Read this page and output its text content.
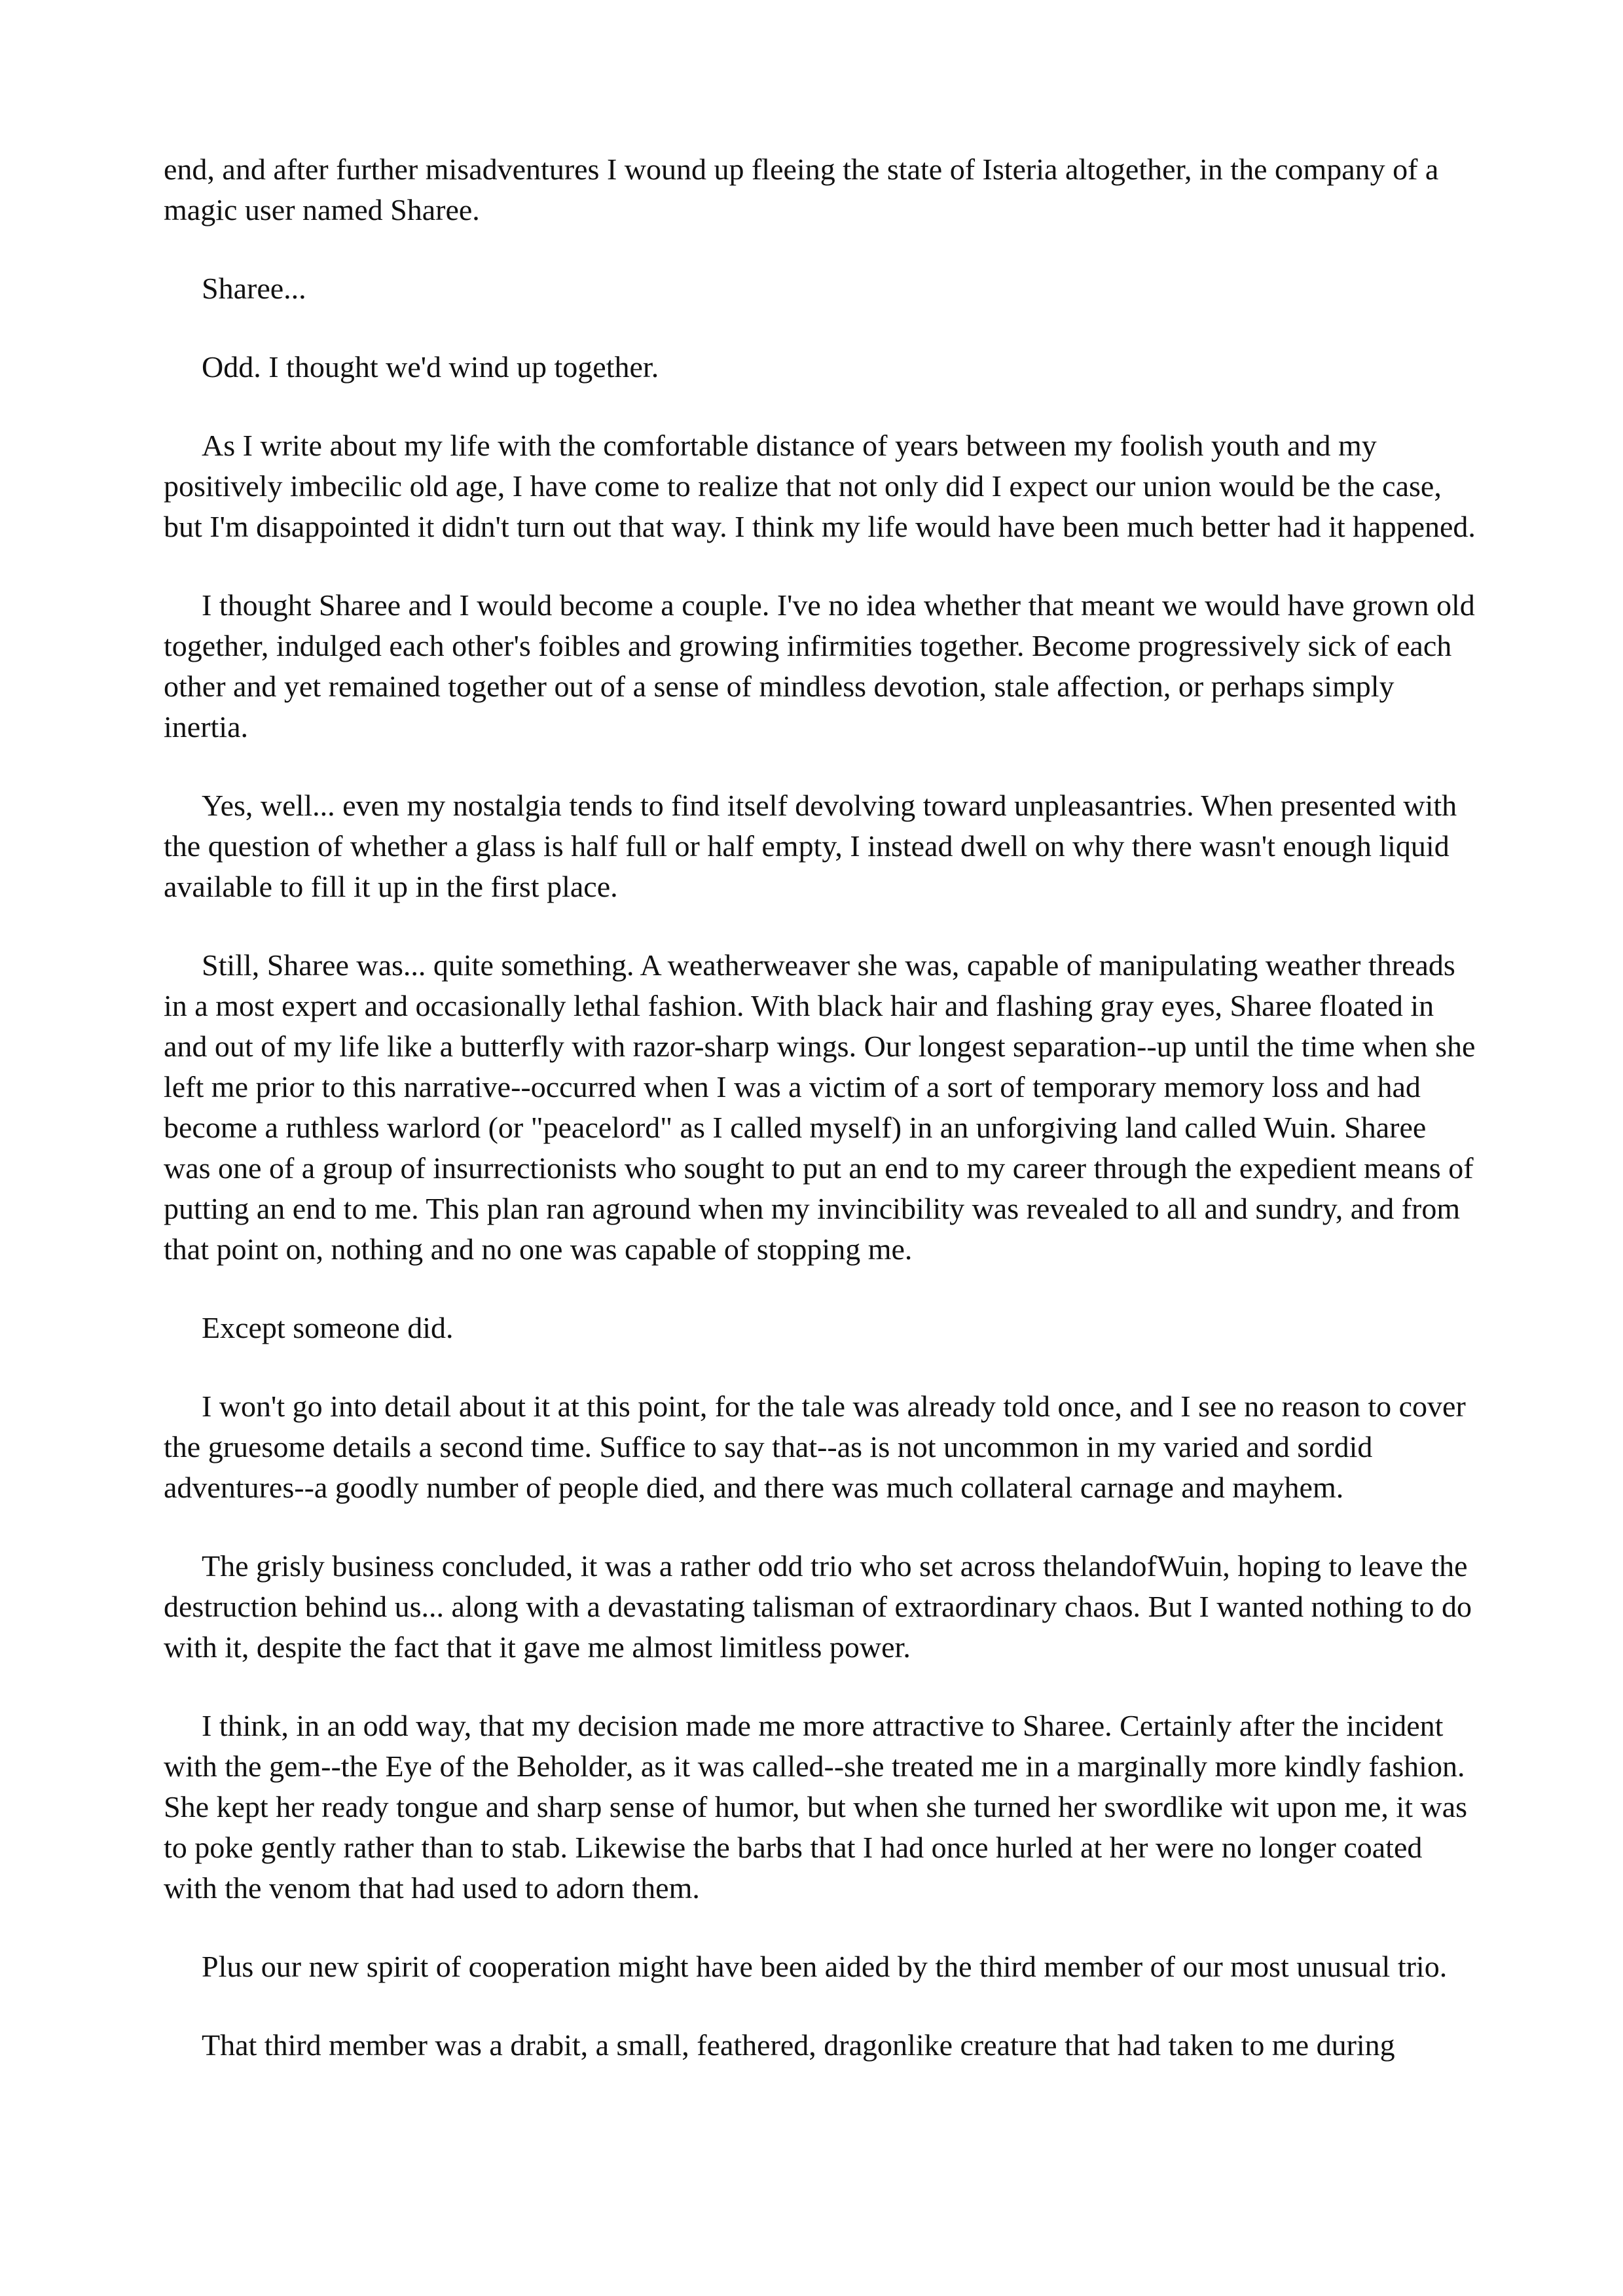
end, and after further misadventures I wound up fleeing the state of Isteria altogether, in the company of a magic user named Sharee.

Sharee...

Odd. I thought we'd wind up together.

As I write about my life with the comfortable distance of years between my foolish youth and my positively imbecilic old age, I have come to realize that not only did I expect our union would be the case, but I'm disappointed it didn't turn out that way. I think my life would have been much better had it happened.

I thought Sharee and I would become a couple. I've no idea whether that meant we would have grown old together, indulged each other's foibles and growing infirmities together. Become progressively sick of each other and yet remained together out of a sense of mindless devotion, stale affection, or perhaps simply inertia.

Yes, well... even my nostalgia tends to find itself devolving toward unpleasantries. When presented with the question of whether a glass is half full or half empty, I instead dwell on why there wasn't enough liquid available to fill it up in the first place.

Still, Sharee was... quite something. A weatherweaver she was, capable of manipulating weather threads in a most expert and occasionally lethal fashion. With black hair and flashing gray eyes, Sharee floated in and out of my life like a butterfly with razor-sharp wings. Our longest separation--up until the time when she left me prior to this narrative--occurred when I was a victim of a sort of temporary memory loss and had become a ruthless warlord (or "peacelord" as I called myself) in an unforgiving land called Wuin. Sharee was one of a group of insurrectionists who sought to put an end to my career through the expedient means of putting an end to me. This plan ran aground when my invincibility was revealed to all and sundry, and from that point on, nothing and no one was capable of stopping me.

Except someone did.

I won't go into detail about it at this point, for the tale was already told once, and I see no reason to cover the gruesome details a second time. Suffice to say that--as is not uncommon in my varied and sordid adventures--a goodly number of people died, and there was much collateral carnage and mayhem.

The grisly business concluded, it was a rather odd trio who set across thelandofWuin, hoping to leave the destruction behind us... along with a devastating talisman of extraordinary chaos. But I wanted nothing to do with it, despite the fact that it gave me almost limitless power.

I think, in an odd way, that my decision made me more attractive to Sharee. Certainly after the incident with the gem--the Eye of the Beholder, as it was called--she treated me in a marginally more kindly fashion. She kept her ready tongue and sharp sense of humor, but when she turned her swordlike wit upon me, it was to poke gently rather than to stab. Likewise the barbs that I had once hurled at her were no longer coated with the venom that had used to adorn them.

Plus our new spirit of cooperation might have been aided by the third member of our most unusual trio.

That third member was a drabit, a small, feathered, dragonlike creature that had taken to me during
